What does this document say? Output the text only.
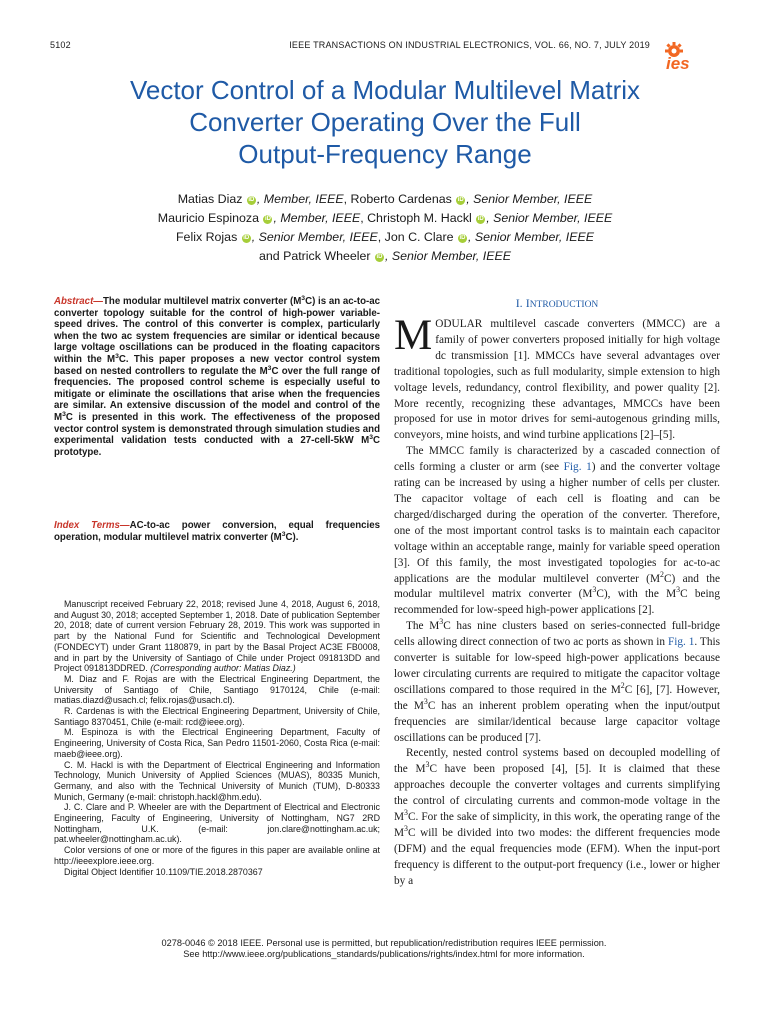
5102	IEEE TRANSACTIONS ON INDUSTRIAL ELECTRONICS, VOL. 66, NO. 7, JULY 2019
ies
Vector Control of a Modular Multilevel Matrix
Converter Operating Over the Full
Output-Frequency Range
Matias Diaz iD , Member, IEEE, Roberto Cardenas iD , Senior Member, IEEE
Mauricio Espinoza iD , Member, IEEE, Christoph M. Hackl iD , Senior Member, IEEE
Felix Rojas iD , Senior Member, IEEE, Jon C. Clare iD , Senior Member, IEEE
and Patrick Wheeler iD , Senior Member, IEEE
Abstract—The modular multilevel matrix converter $(M^3C)$ is an ac-to-ac converter topology suitable for the control of high-power variable-speed drives. The control of this converter is complex, particularly when the two ac system frequencies are similar or identical because large voltage oscillations can be produced in the floating capacitors within the $M^3C$. This paper proposes a new vector control system based on nested controllers to regulate the $M^3C$ over the full range of frequencies. The proposed control scheme is especially useful to mitigate or eliminate the oscillations that arise when the frequencies are similar. An extensive discussion of the model and control of the $M^3C$ is presented in this work. The effectiveness of the proposed vector control system is demonstrated through simulation studies and experimental validation tests conducted with a 27-cell-5kW $M^3C$ prototype.
Index Terms—AC-to-ac power conversion, equal frequencies operation, modular multilevel matrix converter $(M^3C)$.

Manuscript received February 22, 2018; revised June 4, 2018, August 6, 2018, and August 30, 2018; accepted September 1, 2018. Date of publication September 20, 2018; date of current version February 28, 2019. This work was supported in part by the National Fund for Scientific and Technological Development (FONDECYT) under Grant 1180879, in part by the Basal Project AC3E FB0008, and in part by the University of Santiago of Chile under Project 091813DD and Project 091813DDRED. (Corresponding author: Matias Diaz.)

M. Diaz and F. Rojas are with the Electrical Engineering Department, the University of Santiago of Chile, Santiago 9170124, Chile (e-mail: matias.diazd@usach.cl; felix.rojas@usach.cl).

R. Cardenas is with the Electrical Engineering Department, University of Chile, Santiago 8370451, Chile (e-mail: rcd@ieee.org).

M. Espinoza is with the Electrical Engineering Department, Faculty of Engineering, University of Costa Rica, San Pedro 11501-2060, Costa Rica (e-mail: maeb@ieee.org).

C. M. Hackl is with the Department of Electrical Engineering and Information Technology, Munich University of Applied Sciences (MUAS), 80335 Munich, Germany, and also with the Technical University of Munich (TUM), D-80333 Munich, Germany (e-mail: christoph.hackl@hm.edu).

J. C. Clare and P. Wheeler are with the Department of Electrical and Electronic Engineering, Faculty of Engineering, University of Nottingham, NG7 2RD Nottingham, U.K. (e-mail: jon.clare@nottingham.ac.uk; pat.wheeler@nottingham.ac.uk).

Color versions of one or more of the figures in this paper are available online at http://ieeexplore.ieee.org.

Digital Object Identifier 10.1109/TIE.2018.2870367

I. INTRODUCTION

MODULAR multilevel cascade converters (MMCC) are a family of power converters proposed initially for high voltage dc transmission [1]. MMCCs have several advantages over traditional topologies, such as full modularity, simple extension to high voltage levels, redundancy, control flexibility, and power quality [2]. More recently, recognizing these advantages, MMCCs have been proposed for use in motor drives for semi-autogenous grinding mills, conveyors, mine hoists, and wind turbine applications [2]–[5].

The MMCC family is characterized by a cascaded connection of cells forming a cluster or arm (see Fig. 1) and the converter voltage rating can be increased by using a higher number of cells per cluster. The capacitor voltage of each cell is floating and can be charged/discharged during the operation of the converter. Therefore, one of the most important control tasks is to maintain each capacitor voltage within an acceptable range, mainly for variable speed operation [3]. Of this family, the most investigated topologies for ac-to-ac applications are the modular multilevel converter $(M^2C)$ and the modular multilevel matrix converter $(M^3C)$, with the $M^3C$ being recommended for low-speed high-power applications [2].

The $M^3C$ has nine clusters based on series-connected full-bridge cells allowing direct connection of two ac ports as shown in Fig. 1. This converter is suitable for low-speed high-power applications because lower circulating currents are required to mitigate the capacitor voltage oscillations compared to those required in the $M^2C$ [6], [7]. However, the $M^3C$ has an inherent problem operating when the input/output frequencies are similar/identical because large capacitor voltage oscillations can be produced [7].

Recently, nested control systems based on decoupled modelling of the $M^3C$ have been proposed [4], [5]. It is claimed that these approaches decouple the converter voltages and currents simplifying the control of circulating currents and common-mode voltage in the $M^3C$. For the sake of simplicity, in this work, the operating range of the $M^3C$ will be divided into two modes: the different frequencies mode (DFM) and the equal frequencies mode (EFM). When the input-port frequency is different to the output-port frequency (i.e., lower or higher by a

0278-0046 © 2018 IEEE. Personal use is permitted, but republication/redistribution requires IEEE permission.
See http://www.ieee.org/publications_standards/publications/rights/index.html for more information.
